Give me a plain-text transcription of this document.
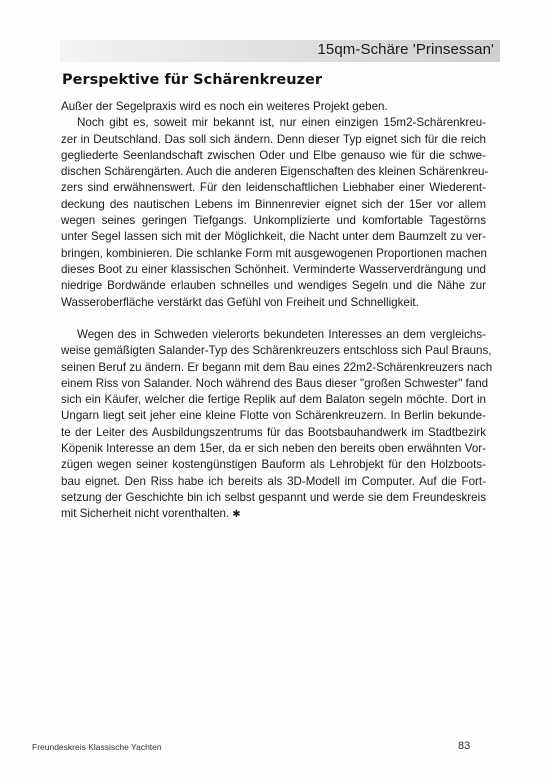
15qm-Schäre 'Prinsessan'
Perspektive für Schärenkreuzer
Außer der Segelpraxis wird es noch ein weiteres Projekt geben.
Noch gibt es, soweit mir bekannt ist, nur einen einzigen 15m2-Schärenkreu-
zer in Deutschland. Das soll sich ändern. Denn dieser Typ eignet sich für die reich
gegliederte Seenlandschaft zwischen Oder und Elbe genauso wie für die schwe-
dischen Schärengärten. Auch die anderen Eigenschaften des kleinen Schärenkreu-
zers sind erwähnenswert. Für den leidenschaftlichen Liebhaber einer Wiederent-
deckung des nautischen Lebens im Binnenrevier eignet sich der 15er vor allem
wegen seines geringen Tiefgangs. Unkomplizierte und komfortable Tagestörns
unter Segel lassen sich mit der Möglichkeit, die Nacht unter dem Baumzelt zu ver-
bringen, kombinieren. Die schlanke Form mit ausgewogenen Proportionen machen
dieses Boot zu einer klassischen Schönheit. Verminderte Wasserverdrängung und
niedrige Bordwände erlauben schnelles und wendiges Segeln und die Nähe zur
Wasseroberfläche verstärkt das Gefühl von Freiheit und Schnelligkeit.
Wegen des in Schweden vielerorts bekundeten Interesses an dem vergleichs-
weise gemäßigten Salander-Typ des Schärenkreuzers entschloss sich Paul Brauns,
seinen Beruf zu ändern. Er begann mit dem Bau eines 22m2-Schärenkreuzers nach
einem Riss von Salander. Noch während des Baus dieser "großen Schwester" fand
sich ein Käufer, welcher die fertige Replik auf dem Balaton segeln möchte. Dort in
Ungarn liegt seit jeher eine kleine Flotte von Schärenkreuzern. In Berlin bekunde-
te der Leiter des Ausbildungszentrums für das Bootsbauhandwerk im Stadtbezirk
Köpenik Interesse an dem 15er, da er sich neben den bereits oben erwähnten Vor-
zügen wegen seiner kostengünstigen Bauform als Lehrobjekt für den Holzboots-
bau eignet. Den Riss habe ich bereits als 3D-Modell im Computer. Auf die Fort-
setzung der Geschichte bin ich selbst gespannt und werde sie dem Freundeskreis
mit Sicherheit nicht vorenthalten. ✱
Freundeskreis Klassische Yachten	83
